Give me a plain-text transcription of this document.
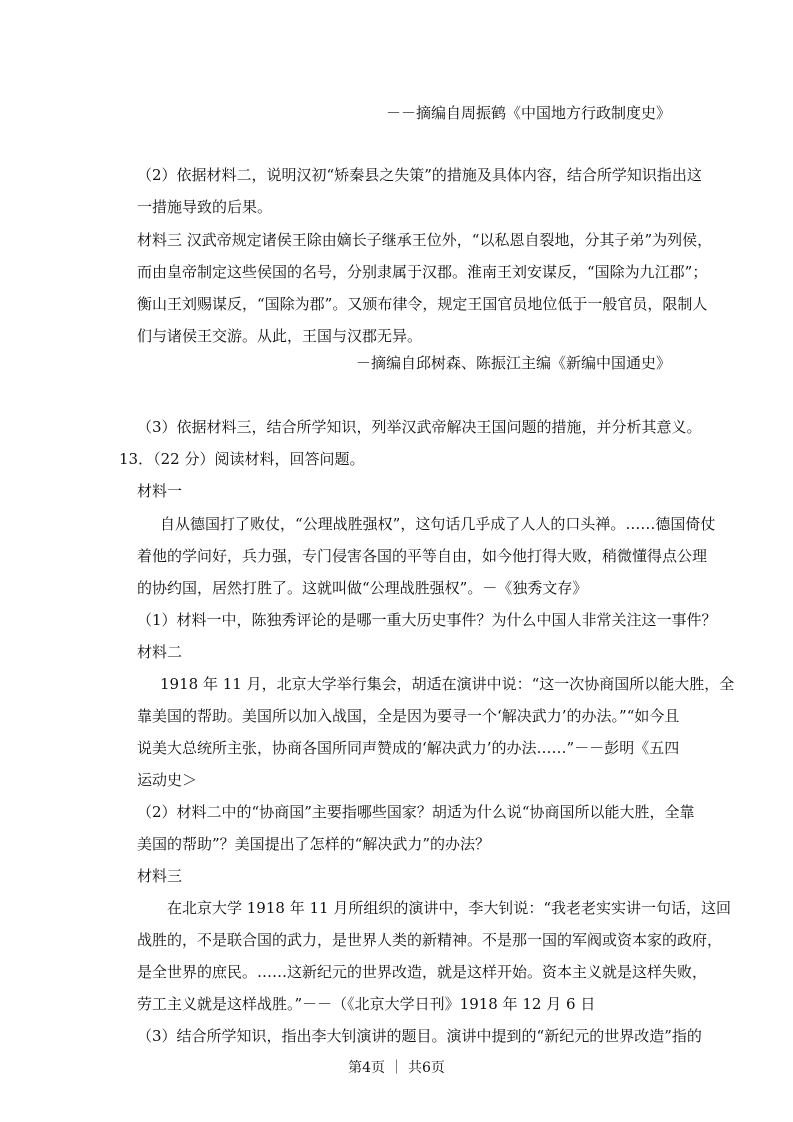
－－摘编自周振鹤《中国地方行政制度史》
（2）依据材料二，说明汉初“矫秦县之失策”的措施及具体内容，结合所学知识指出这
一措施导致的后果。
材料三 汉武帝规定诸侯王除由嫡长子继承王位外，“以私恩自裂地，分其子弟”为列侯，
而由皇帝制定这些侯国的名号，分别隶属于汉郡。淮南王刘安谋反，“国除为九江郡”；
衡山王刘赐谋反，“国除为郡”。又颁布律令，规定王国官员地位低于一般官员，限制人
们与诸侯王交游。从此，王国与汉郡无异。
－摘编自邱树森、陈振江主编《新编中国通史》
（3）依据材料三，结合所学知识，列举汉武帝解决王国问题的措施，并分析其意义。
13．（22 分）阅读材料，回答问题。
材料一
自从德国打了败仗，“公理战胜强权”，这句话几乎成了人人的口头禅。……德国倚仗
着他的学问好，兵力强，专门侵害各国的平等自由，如今他打得大败，稍微懂得点公理
的协约国，居然打胜了。这就叫做“公理战胜强权”。－《独秀文存》
（1）材料一中，陈独秀评论的是哪一重大历史事件？为什么中国人非常关注这一事件？
材料二
1918 年 11 月，北京大学举行集会，胡适在演讲中说：“这一次协商国所以能大胜，全
靠美国的帮助。美国所以加入战国，全是因为要寻一个‘解决武力’的办法。”“如今且
说美大总统所主张，协商各国所同声赞成的‘解决武力’的办法……”－－彭明《五四
运动史＞
（2）材料二中的“协商国”主要指哪些国家？胡适为什么说“协商国所以能大胜，全靠
美国的帮助”？美国提出了怎样的“解决武力”的办法？
材料三
在北京大学 1918 年 11 月所组织的演讲中，李大钊说：“我老老实实讲一句话，这回
战胜的，不是联合国的武力，是世界人类的新精神。不是那一国的军阀或资本家的政府，
是全世界的庶民。……这新纪元的世界改造，就是这样开始。资本主义就是这样失败，
劳工主义就是这样战胜。”－－（《北京大学日刊》1918 年 12 月 6 日
（3）结合所学知识，指出李大钊演讲的题目。演讲中提到的“新纪元的世界改造”指的
第4页 ｜ 共6页
